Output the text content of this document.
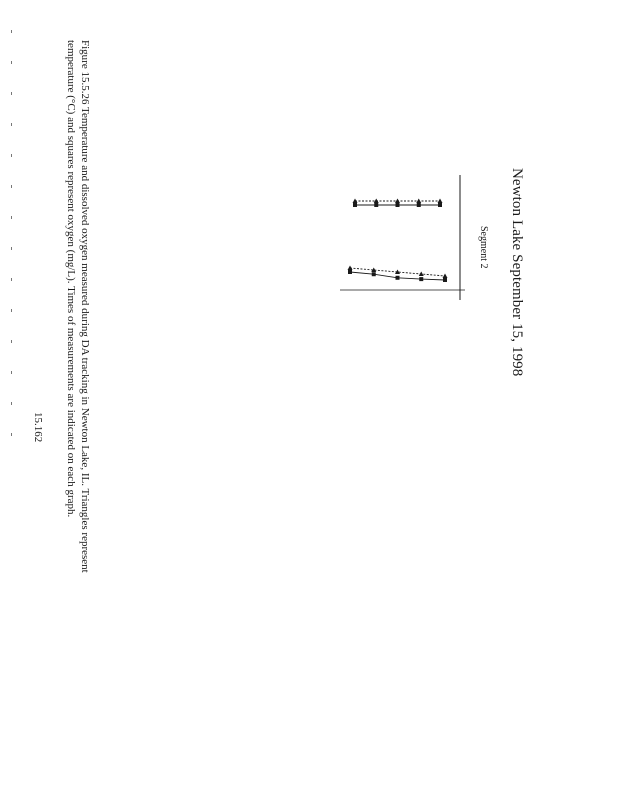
Newton Lake September 15, 1998
Figure 15.5.26 Temperature and dissolved oxygen measured during DA tracking in Newton Lake, IL. Triangles represent
temperature (°C) and squares represent oxygen (mg/L). Times of measurements are indicated on each graph.	Segment 2
15.162
